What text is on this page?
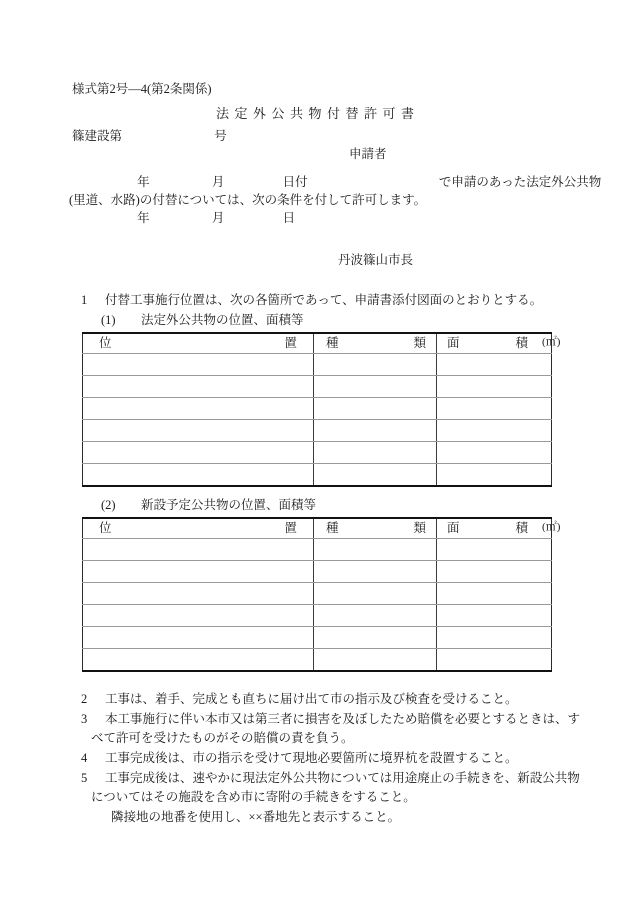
様式第2号—4(第2条関係)
法定外公共物付替許可書
篠建設第	号
申請者
年	月	日付	で申請のあった法定外公共物
(里道、水路)の付替については、次の条件を付して許可します。
年	月	日
丹波篠山市長
1 付替工事施行位置は、次の各箇所であって、申請書添付図面のとおりとする。
(1) 法定外公共物の位置、面積等
位 置	種 類	面 積 (㎡)

(2) 新設予定公共物の位置、面積等
位 置	種 類	面 積 (㎡)

2 工事は、着手、完成とも直ちに届け出て市の指示及び検査を受けること。
3 本工事施行に伴い本市又は第三者に損害を及ぼしたため賠償を必要とするときは、す
べて許可を受けたものがその賠償の責を負う。
4 工事完成後は、市の指示を受けて現地必要箇所に境界杭を設置すること。
5 工事完成後は、速やかに現法定外公共物については用途廃止の手続きを、新設公共物
についてはその施設を含め市に寄附の手続きをすること。
隣接地の地番を使用し、××番地先と表示すること。
